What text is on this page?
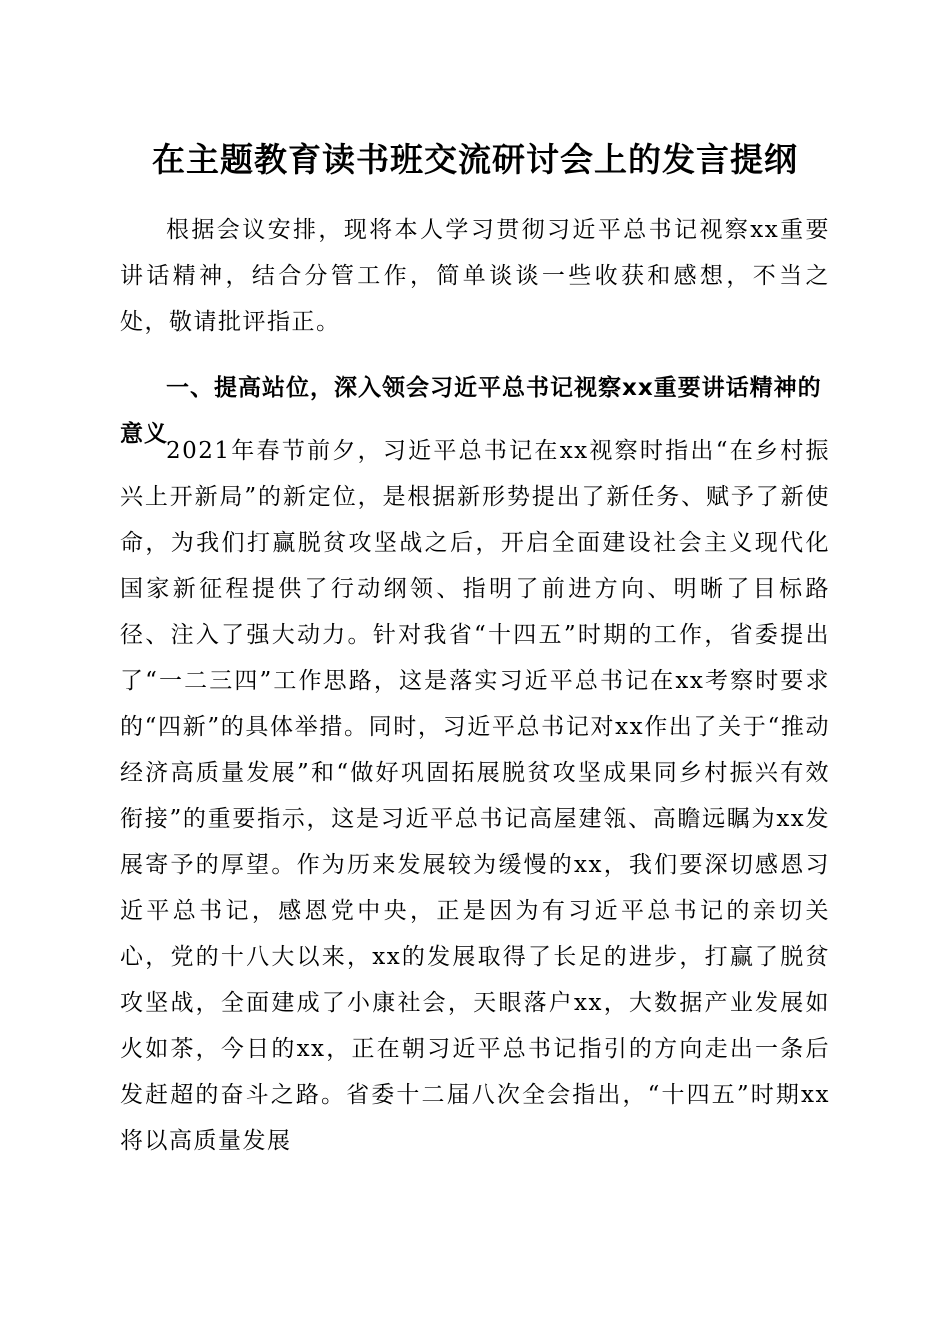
在主题教育读书班交流研讨会上的发言提纲

根据会议安排，现将本人学习贯彻习近平总书记视察xx重要讲话精神，结合分管工作，简单谈谈一些收获和感想，不当之处，敬请批评指正。

一、提高站位，深入领会习近平总书记视察xx重要讲话精神的意义

2021年春节前夕，习近平总书记在xx视察时指出“在乡村振兴上开新局”的新定位，是根据新形势提出了新任务、赋予了新使命，为我们打赢脱贫攻坚战之后，开启全面建设社会主义现代化国家新征程提供了行动纲领、指明了前进方向、明晰了目标路径、注入了强大动力。针对我省“十四五”时期的工作，省委提出了“一二三四”工作思路，这是落实习近平总书记在xx考察时要求的“四新”的具体举措。同时，习近平总书记对xx作出了关于“推动经济高质量发展”和“做好巩固拓展脱贫攻坚成果同乡村振兴有效衔接”的重要指示，这是习近平总书记高屋建瓴、高瞻远瞩为xx发展寄予的厚望。作为历来发展较为缓慢的xx，我们要深切感恩习近平总书记，感恩党中央，正是因为有习近平总书记的亲切关心，党的十八大以来，xx的发展取得了长足的进步，打赢了脱贫攻坚战，全面建成了小康社会，天眼落户xx，大数据产业发展如火如茶，今日的xx，正在朝习近平总书记指引的方向走出一条后发赶超的奋斗之路。省委十二届八次全会指出，“十四五”时期xx将以高质量发展
